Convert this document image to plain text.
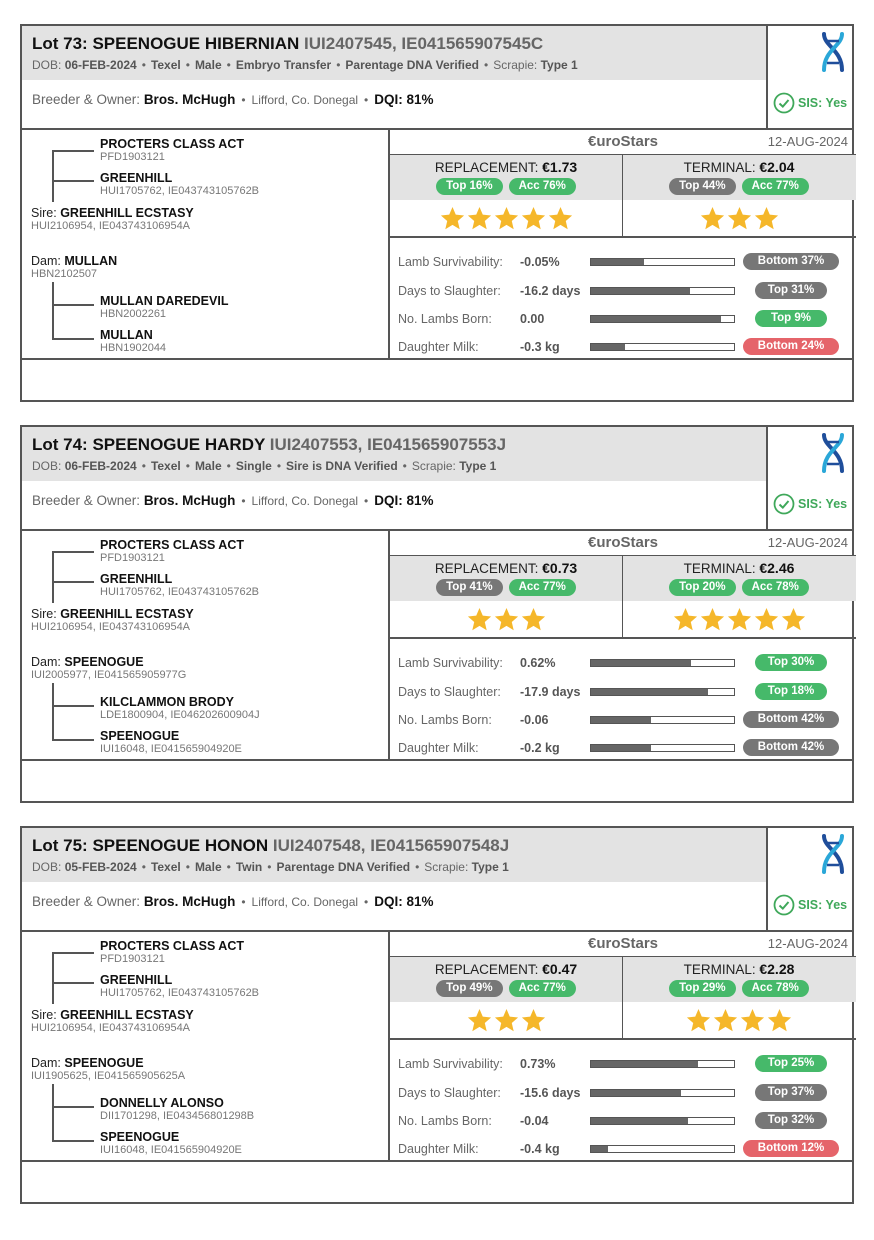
Lot 73: SPEENOGUE HIBERNIAN IUI2407545, IE041565907545C
DOB: 06-FEB-2024 • Texel • Male • Embryo Transfer • Parentage DNA Verified • Scrapie: Type 1
Breeder & Owner: Bros. McHugh • Lifford, Co. Donegal • DQI: 81%	SIS: Yes
PROCTERS CLASS ACT
PFD1903121
GREENHILL
HUI1705762, IE043743105762B
Sire: GREENHILL ECSTASY
HUI2106954, IE043743106954A
Dam: MULLAN
HBN2102507
MULLAN DAREDEVIL
HBN2002261
MULLAN
HBN1902044
€uroStars	12-AUG-2024
REPLACEMENT: €1.73
Top 16%	Acc 76%
TERMINAL: €2.04
Top 44%	Acc 77%
Lamb Survivability: -0.05%	Bottom 37%
Days to Slaughter: -16.2 days	Top 31%
No. Lambs Born: 0.00	Top 9%
Daughter Milk:	-0.3 kg	Bottom 24%
Lot 74: SPEENOGUE HARDY IUI2407553, IE041565907553J
DOB: 06-FEB-2024 • Texel • Male • Single • Sire is DNA Verified • Scrapie: Type 1
Breeder & Owner: Bros. McHugh • Lifford, Co. Donegal • DQI: 81%	SIS: Yes
PROCTERS CLASS ACT
PFD1903121
GREENHILL
HUI1705762, IE043743105762B
Sire: GREENHILL ECSTASY
HUI2106954, IE043743106954A
Dam: SPEENOGUE
IUI2005977, IE041565905977G
KILCLAMMON BRODY
LDE1800904, IE046202600904J
SPEENOGUE
IUI16048, IE041565904920E
€uroStars	12-AUG-2024
REPLACEMENT: €0.73
Top 41%	Acc 77%
TERMINAL: €2.46
Top 20%	Acc 78%
Lamb Survivability: 0.62%	Top 30%
Days to Slaughter: -17.9 days	Top 18%
No. Lambs Born: -0.06	Bottom 42%
Daughter Milk:	-0.2 kg	Bottom 42%
Lot 75: SPEENOGUE HONON IUI2407548, IE041565907548J
DOB: 05-FEB-2024 • Texel • Male • Twin • Parentage DNA Verified • Scrapie: Type 1
Breeder & Owner: Bros. McHugh • Lifford, Co. Donegal • DQI: 81%	SIS: Yes
PROCTERS CLASS ACT
PFD1903121
GREENHILL
HUI1705762, IE043743105762B
Sire: GREENHILL ECSTASY
HUI2106954, IE043743106954A
Dam: SPEENOGUE
IUI1905625, IE041565905625A
DONNELLY ALONSO
DII1701298, IE043456801298B
SPEENOGUE
IUI16048, IE041565904920E
€uroStars	12-AUG-2024
REPLACEMENT: €0.47
Top 49%	Acc 77%
TERMINAL: €2.28
Top 29%	Acc 78%
Lamb Survivability: 0.73%	Top 25%
Days to Slaughter: -15.6 days	Top 37%
No. Lambs Born: -0.04	Top 32%
Daughter Milk:	-0.4 kg	Bottom 12%
